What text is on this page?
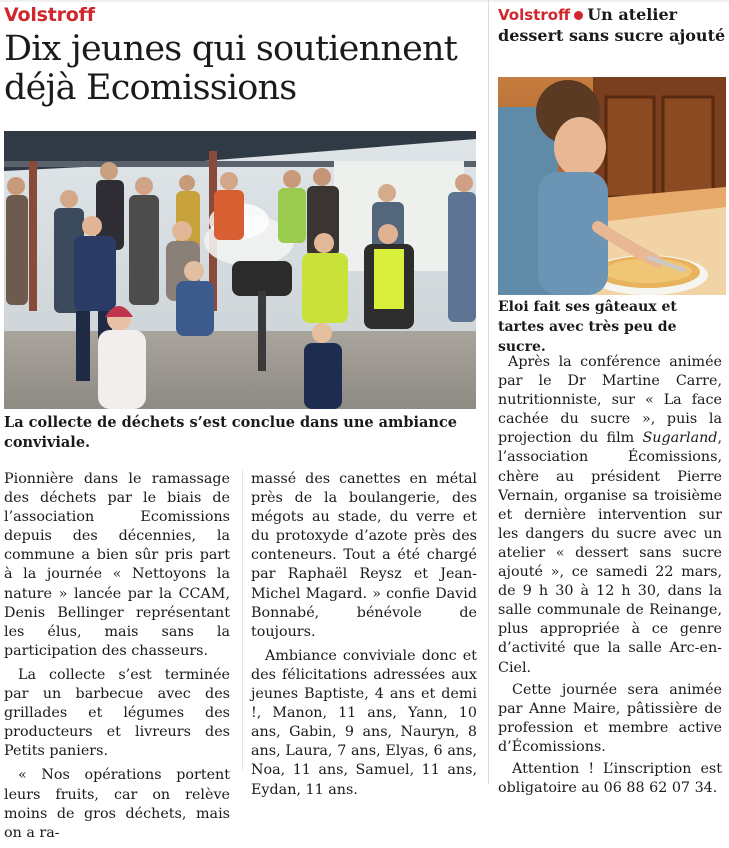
Volstroff
Dix jeunes qui soutiennent déjà Ecomissions
La collecte de déchets s’est conclue dans une ambiance conviviale.

Pionnière dans le ramassage des déchets par le biais de l’association Ecomissions depuis des décennies, la commune a bien sûr pris part à la journée « Nettoyons la nature » lancée par la CCAM, Denis Bellinger représentant les élus, mais sans la participation des chasseurs.

La collecte s’est terminée par un barbecue avec des grillades et légumes des producteurs et livreurs des Petits paniers.

« Nos opérations portent leurs fruits, car on relève moins de gros déchets, mais on a ra-

massé des canettes en métal près de la boulangerie, des mégots au stade, du verre et du protoxyde d’azote près des conteneurs. Tout a été chargé par Raphaël Reysz et Jean-Michel Magard. » confie David Bonnabé, bénévole de toujours.

Ambiance conviviale donc et des félicitations adressées aux jeunes Baptiste, 4 ans et demi !, Manon, 11 ans, Yann, 10 ans, Gabin, 9 ans, Nauryn, 8 ans, Laura, 7 ans, Elyas, 6 ans, Noa, 11 ans, Samuel, 11 ans, Eydan, 11 ans.

Volstroff Un atelier dessert sans sucre ajouté
Eloi fait ses gâteaux et tartes avec très peu de sucre.

Après la conférence animée par le Dr Martine Carre, nutritionniste, sur « La face cachée du sucre », puis la projection du film Sugarland, l’association Écomissions, chère au président Pierre Vernain, organise sa troisième et dernière intervention sur les dangers du sucre avec un atelier « dessert sans sucre ajouté », ce samedi 22 mars, de 9 h 30 à 12 h 30, dans la salle communale de Reinange, plus appropriée à ce genre d’activité que la salle Arc-en-Ciel.

Cette journée sera animée par Anne Maire, pâtissière de profession et membre active d’Écomissions.

Attention ! L’inscription est obligatoire au 06 88 62 07 34.
